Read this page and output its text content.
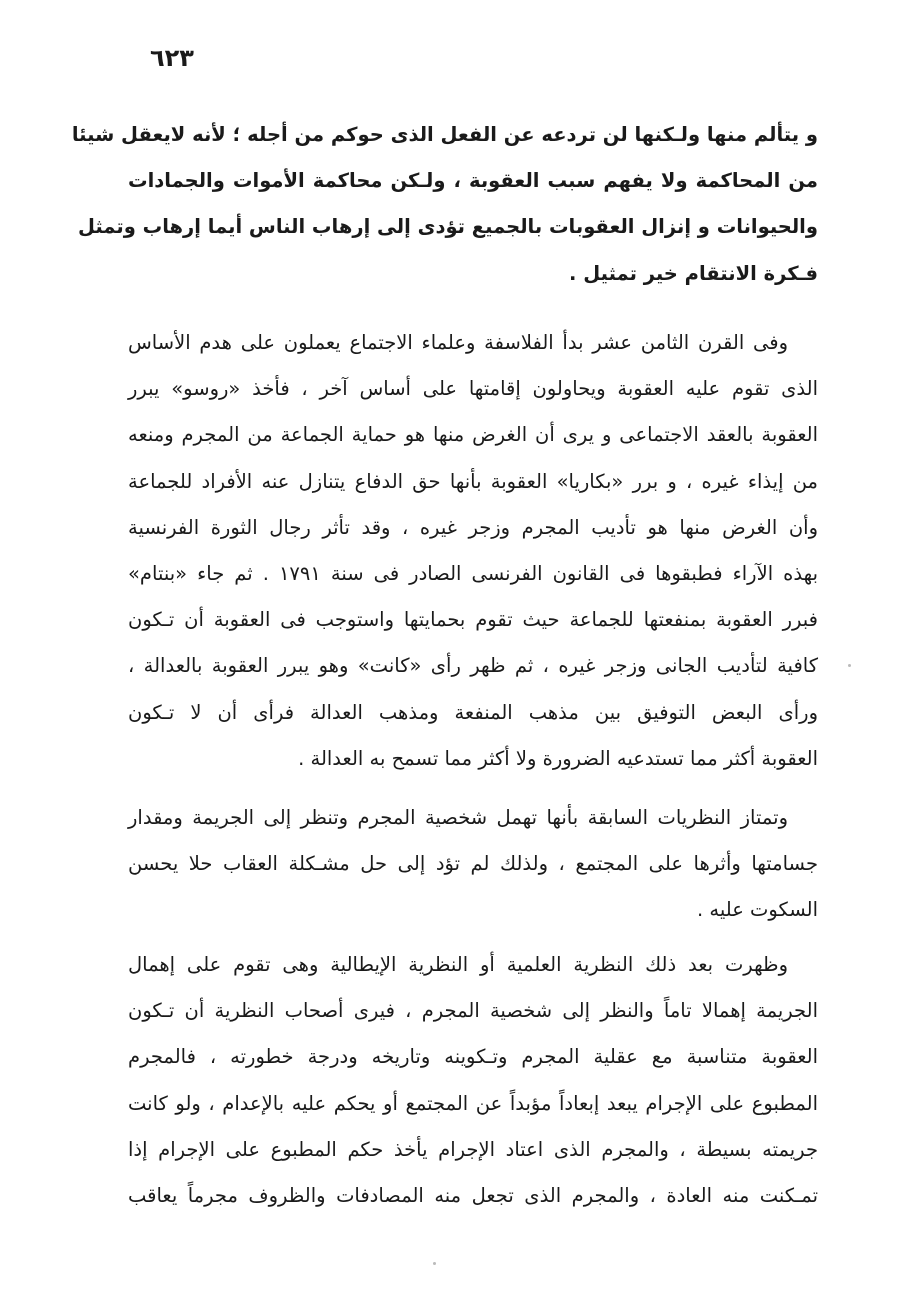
٦٢٣
و يتألم منها ولـكنها لن تردعه عن الفعل الذى حوكم من أجله ؛ لأنه لايعقل شيئا
من المحاكمة ولا يفهم سبب العقوبة ، ولـكن محاكمة الأموات والجمادات
والحيوانات و إنزال العقوبات بالجميع تؤدى إلى إرهاب الناس أيما إرهاب وتمثل
فـكرة الانتقام خير تمثيل .
وفى القرن الثامن عشر بدأ الفلاسفة وعلماء الاجتماع يعملون على هدم الأساس
الذى تقوم عليه العقوبة ويحاولون إقامتها على أساس آخر ، فأخذ «روسو» يبرر
العقوبة بالعقد الاجتماعى و يرى أن الغرض منها هو حماية الجماعة من المجرم ومنعه
من إيذاء غيره ، و برر «بكاريا» العقوبة بأنها حق الدفاع يتنازل عنه الأفراد للجماعة
وأن الغرض منها هو تأديب المجرم وزجر غيره ، وقد تأثر رجال الثورة الفرنسية
بهذه الآراء فطبقوها فى القانون الفرنسى الصادر فى سنة ١٧٩١ . ثم جاء «بنتام»
فبرر العقوبة بمنفعتها للجماعة حيث تقوم بحمايتها واستوجب فى العقوبة أن تـكون
كافية لتأديب الجانى وزجر غيره ، ثم ظهر رأى «كانت» وهو يبرر العقوبة بالعدالة ،
ورأى البعض التوفيق بين مذهب المنفعة ومذهب العدالة فرأى أن لا تـكون
العقوبة أكثر مما تستدعيه الضرورة ولا أكثر مما تسمح به العدالة .
وتمتاز النظريات السابقة بأنها تهمل شخصية المجرم وتنظر إلى الجريمة ومقدار
جسامتها وأثرها على المجتمع ، ولذلك لم تؤد إلى حل مشـكلة العقاب حلا يحسن
السكوت عليه .
وظهرت بعد ذلك النظرية العلمية أو النظرية الإيطالية وهى تقوم على إهمال
الجريمة إهمالا تاماً والنظر إلى شخصية المجرم ، فيرى أصحاب النظرية أن تـكون
العقوبة متناسبة مع عقلية المجرم وتـكوينه وتاريخه ودرجة خطورته ، فالمجرم
المطبوع على الإجرام يبعد إبعاداً مؤبداً عن المجتمع أو يحكم عليه بالإعدام ، ولو كانت
جريمته بسيطة ، والمجرم الذى اعتاد الإجرام يأخذ حكم المطبوع على الإجرام إذا
تمـكنت منه العادة ، والمجرم الذى تجعل منه المصادفات والظروف مجرماً يعاقب
